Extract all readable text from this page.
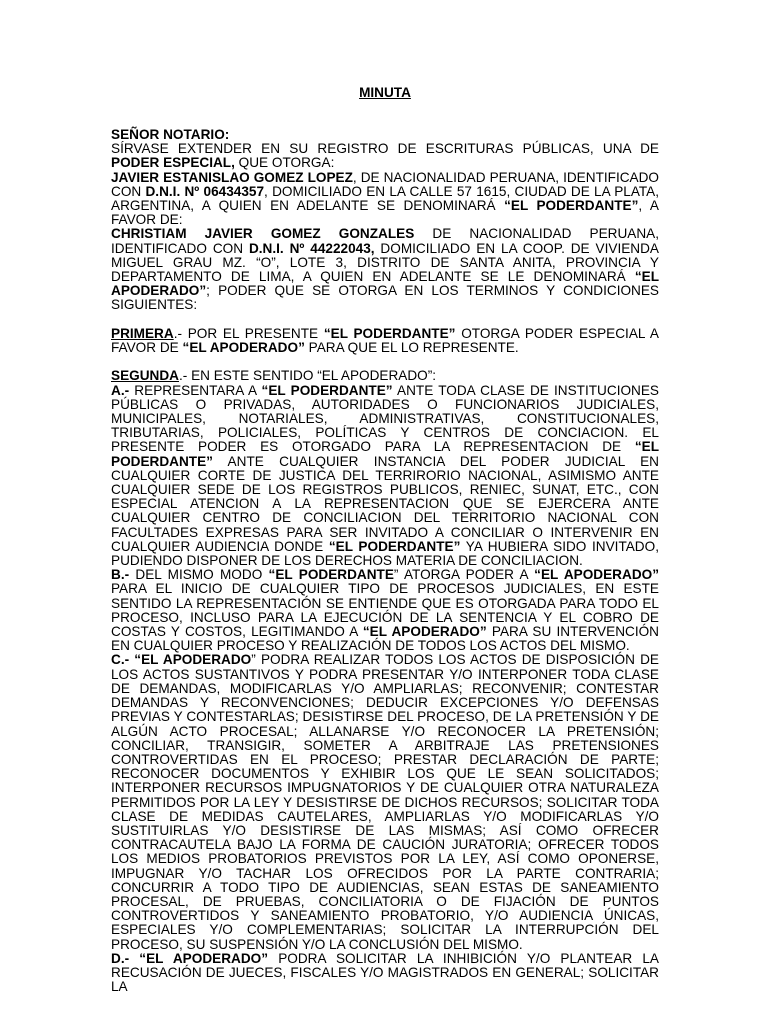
MINUTA

SEÑOR NOTARIO:

SÍRVASE EXTENDER EN SU REGISTRO DE ESCRITURAS PÚBLICAS, UNA DE PODER ESPECIAL, QUE OTORGA:

JAVIER ESTANISLAO GOMEZ LOPEZ, DE NACIONALIDAD PERUANA, IDENTIFICADO CON D.N.I. Nº 06434357, DOMICILIADO EN LA CALLE 57 1615, CIUDAD DE LA PLATA, ARGENTINA, A QUIEN EN ADELANTE SE DENOMINARÁ “EL PODERDANTE”, A FAVOR DE:

CHRISTIAM JAVIER GOMEZ GONZALES DE NACIONALIDAD PERUANA, IDENTIFICADO CON D.N.I. Nº 44222043, DOMICILIADO EN LA COOP. DE VIVIENDA MIGUEL GRAU MZ. “O”, LOTE 3, DISTRITO DE SANTA ANITA, PROVINCIA Y DEPARTAMENTO DE LIMA, A QUIEN EN ADELANTE SE LE DENOMINARÁ “EL APODERADO”; PODER QUE SE OTORGA EN LOS TERMINOS Y CONDICIONES SIGUIENTES:

PRIMERA.- POR EL PRESENTE “EL PODERDANTE” OTORGA PODER ESPECIAL A FAVOR DE “EL APODERADO” PARA QUE EL LO REPRESENTE.

SEGUNDA.- EN ESTE SENTIDO “EL APODERADO”:

A.- REPRESENTARA A “EL PODERDANTE” ANTE TODA CLASE DE INSTITUCIONES PÚBLICAS O PRIVADAS, AUTORIDADES O FUNCIONARIOS JUDICIALES, MUNICIPALES, NOTARIALES, ADMINISTRATIVAS, CONSTITUCIONALES, TRIBUTARIAS, POLICIALES, POLÍTICAS Y CENTROS DE CONCIACION. EL PRESENTE PODER ES OTORGADO PARA LA REPRESENTACION DE “EL PODERDANTE” ANTE CUALQUIER INSTANCIA DEL PODER JUDICIAL EN CUALQUIER CORTE DE JUSTICA DEL TERRIRORIO NACIONAL, ASIMISMO ANTE CUALQUIER SEDE DE LOS REGISTROS PUBLICOS, RENIEC, SUNAT, ETC., CON ESPECIAL ATENCION A LA REPRESENTACION QUE SE EJERCERA ANTE CUALQUIER CENTRO DE CONCILIACION DEL TERRITORIO NACIONAL CON FACULTADES EXPRESAS PARA SER INVITADO A CONCILIAR O INTERVENIR EN CUALQUIER AUDIENCIA DONDE “EL PODERDANTE” YA HUBIERA SIDO INVITADO, PUDIENDO DISPONER DE LOS DERECHOS MATERIA DE CONCILIACION.

B.- DEL MISMO MODO “EL PODERDANTE” ATORGA PODER A “EL APODERADO” PARA EL INICIO DE CUALQUIER TIPO DE PROCESOS JUDICIALES, EN ESTE SENTIDO LA REPRESENTACIÓN SE ENTIENDE QUE ES OTORGADA PARA TODO EL PROCESO, INCLUSO PARA LA EJECUCIÓN DE LA SENTENCIA Y EL COBRO DE COSTAS Y COSTOS, LEGITIMANDO A “EL APODERADO” PARA SU INTERVENCIÓN EN CUALQUIER PROCESO Y REALIZACIÓN DE TODOS LOS ACTOS DEL MISMO.

C.- “EL APODERADO” PODRA REALIZAR TODOS LOS ACTOS DE DISPOSICIÓN DE LOS ACTOS SUSTANTIVOS Y PODRA PRESENTAR Y/O INTERPONER TODA CLASE DE DEMANDAS, MODIFICARLAS Y/O AMPLIARLAS; RECONVENIR; CONTESTAR DEMANDAS Y RECONVENCIONES; DEDUCIR EXCEPCIONES Y/O DEFENSAS PREVIAS Y CONTESTARLAS; DESISTIRSE DEL PROCESO, DE LA PRETENSIÓN Y DE ALGÚN ACTO PROCESAL; ALLANARSE Y/O RECONOCER LA PRETENSIÓN; CONCILIAR, TRANSIGIR, SOMETER A ARBITRAJE LAS PRETENSIONES CONTROVERTIDAS EN EL PROCESO; PRESTAR DECLARACIÓN DE PARTE; RECONOCER DOCUMENTOS Y EXHIBIR LOS QUE LE SEAN SOLICITADOS; INTERPONER RECURSOS IMPUGNATORIOS Y DE CUALQUIER OTRA NATURALEZA PERMITIDOS POR LA LEY Y DESISTIRSE DE DICHOS RECURSOS; SOLICITAR TODA CLASE DE MEDIDAS CAUTELARES, AMPLIARLAS Y/O MODIFICARLAS Y/O SUSTITUIRLAS Y/O DESISTIRSE DE LAS MISMAS; ASÍ COMO OFRECER CONTRACAUTELA BAJO LA FORMA DE CAUCIÓN JURATORIA; OFRECER TODOS LOS MEDIOS PROBATORIOS PREVISTOS POR LA LEY, ASÍ COMO OPONERSE, IMPUGNAR Y/O TACHAR LOS OFRECIDOS POR LA PARTE CONTRARIA; CONCURRIR A TODO TIPO DE AUDIENCIAS, SEAN ESTAS DE SANEAMIENTO PROCESAL, DE PRUEBAS, CONCILIATORIA O DE FIJACIÓN DE PUNTOS CONTROVERTIDOS Y SANEAMIENTO PROBATORIO, Y/O AUDIENCIA ÚNICAS, ESPECIALES Y/O COMPLEMENTARIAS; SOLICITAR LA INTERRUPCIÓN DEL PROCESO, SU SUSPENSIÓN Y/O LA CONCLUSIÓN DEL MISMO.

D.- “EL APODERADO” PODRA SOLICITAR LA INHIBICIÓN Y/O PLANTEAR LA RECUSACIÓN DE JUECES, FISCALES Y/O MAGISTRADOS EN GENERAL; SOLICITAR LA
